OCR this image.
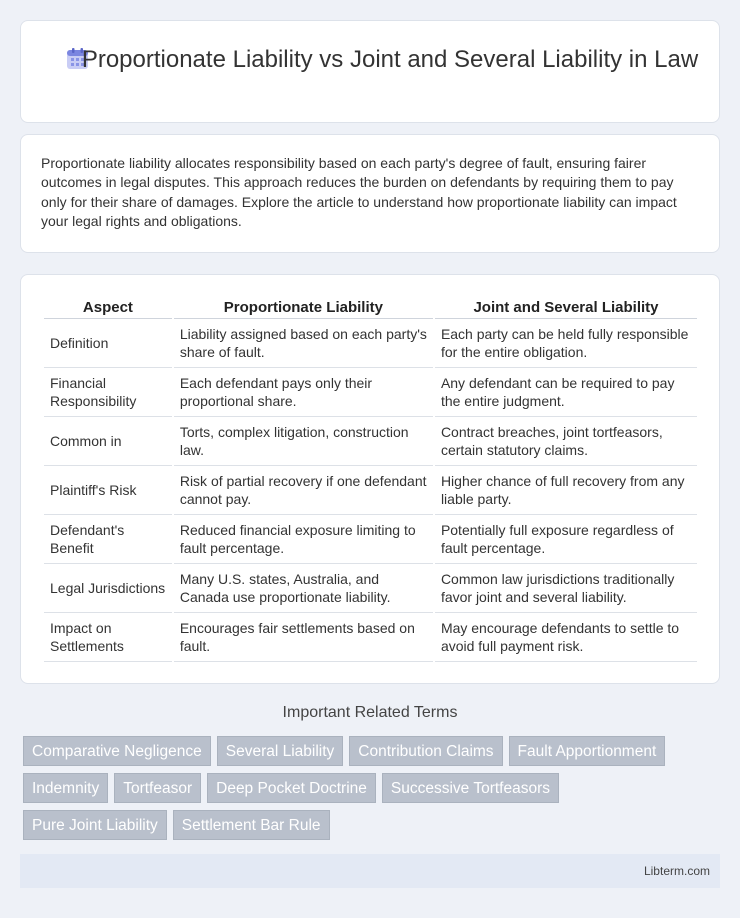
Proportionate Liability vs Joint and Several Liability in Law

Proportionate liability allocates responsibility based on each party's degree of fault, ensuring fairer outcomes in legal disputes. This approach reduces the burden on defendants by requiring them to pay only for their share of damages. Explore the article to understand how proportionate liability can impact your legal rights and obligations.

Aspect	Proportionate Liability	Joint and Several Liability
Definition	Liability assigned based on each party's share of fault.	Each party can be held fully responsible for the entire obligation.
Financial Responsibility	Each defendant pays only their proportional share.	Any defendant can be required to pay the entire judgment.
Common in	Torts, complex litigation, construction law.	Contract breaches, joint tortfeasors, certain statutory claims.
Plaintiff's Risk	Risk of partial recovery if one defendant cannot pay.	Higher chance of full recovery from any liable party.
Defendant's Benefit	Reduced financial exposure limiting to fault percentage.	Potentially full exposure regardless of fault percentage.
Legal Jurisdictions	Many U.S. states, Australia, and Canada use proportionate liability.	Common law jurisdictions traditionally favor joint and several liability.
Impact on Settlements	Encourages fair settlements based on fault.	May encourage defendants to settle to avoid full payment risk.
Important Related Terms
Comparative Negligence	Several Liability	Contribution Claims	Fault Apportionment
Indemnity	Tortfeasor	Deep Pocket Doctrine	Successive Tortfeasors
Pure Joint Liability	Settlement Bar Rule
Libterm.com
